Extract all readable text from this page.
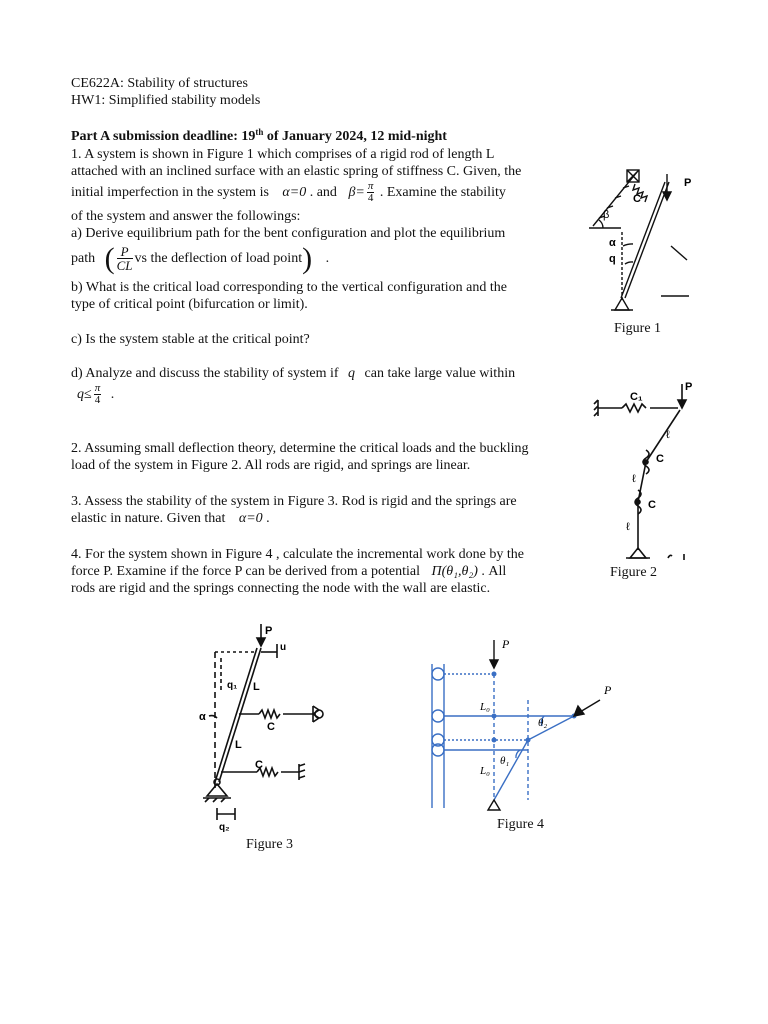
CE622A: Stability of structures
HW1: Simplified stability models
Part A submission deadline: 19th of January 2024, 12 mid-night
1. A system is shown in Figure 1 which comprises of a rigid rod of length L
attached with an inclined surface with an elastic spring of stiffness C. Given, the
initial imperfection in the system is α=0 . and $\beta= \frac{\pi}{4}$ . Examine the stability
of the system and answer the followings:
a) Derive equilibrium path for the bent configuration and plot the equilibrium
path ( $\frac{P}{CL}$ vs the deflection of load point) .
b) What is the critical load corresponding to the vertical configuration and the
type of critical point (bifurcation or limit).
c) Is the system stable at the critical point?
d) Analyze and discuss the stability of system if q can take large value within
$q\le \frac{\pi}{4}$ .
2. Assuming small deflection theory, determine the critical loads and the buckling
load of the system in Figure 2. All rods are rigid, and springs are linear.
3. Assess the stability of the system in Figure 3. Rod is rigid and the springs are
elastic in nature. Given that α=0 .
4. For the system shown in Figure 4 , calculate the incremental work done by the
force P. Examine if the force P can be derived from a potential Π(θ₁,θ₂) . All
rods are rigid and the springs connecting the node with the wall are elastic.
P
C
β
α
q
Figure 1
C₁
P
ℓ
C
ℓ
C
ℓ
Figure 2
P
u
q₁ L
α
C
L
C
q₂
Figure 3
P
P
L₀
L₀
θ₁
θ₂
Figure 4
